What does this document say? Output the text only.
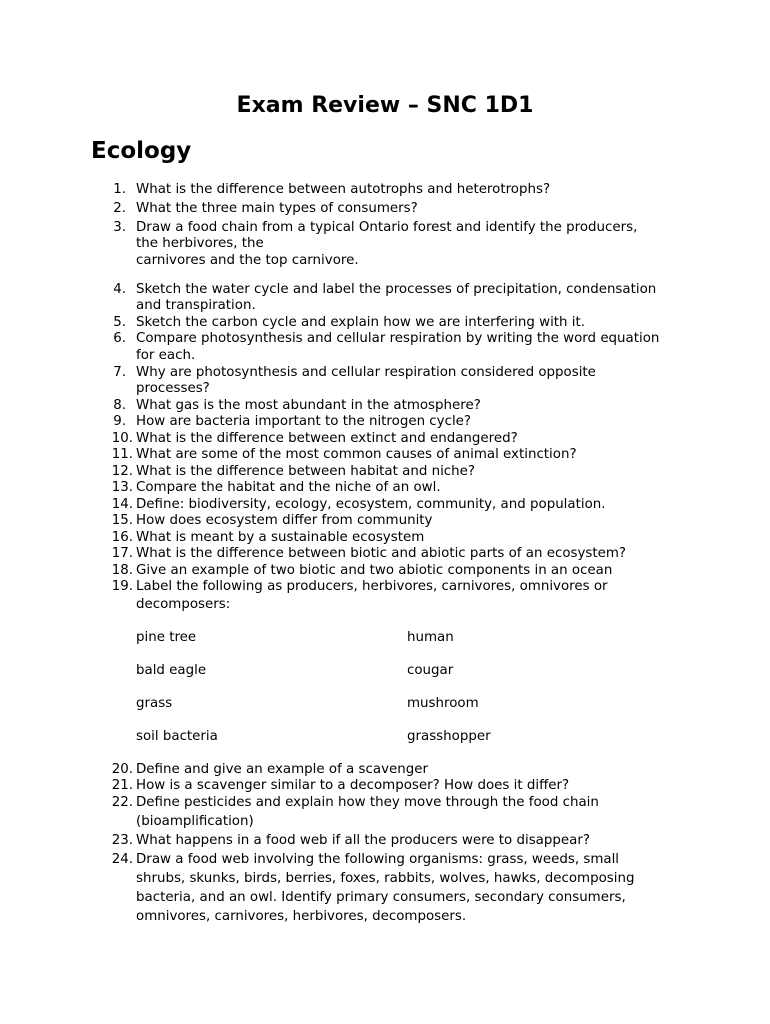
Exam Review – SNC 1D1
Ecology
1. What is the difference between autotrophs and heterotrophs?
2. What the three main types of consumers?
3. Draw a food chain from a typical Ontario forest and identify the producers,
the herbivores, the
carnivores and the top carnivore.
4. Sketch the water cycle and label the processes of precipitation, condensation
and transpiration.
5. Sketch the carbon cycle and explain how we are interfering with it.
6. Compare photosynthesis and cellular respiration by writing the word equation
for each.
7. Why are photosynthesis and cellular respiration considered opposite
processes?
8. What gas is the most abundant in the atmosphere?
9. How are bacteria important to the nitrogen cycle?
10. What is the difference between extinct and endangered?
11. What are some of the most common causes of animal extinction?
12. What is the difference between habitat and niche?
13. Compare the habitat and the niche of an owl.
14. Define: biodiversity, ecology, ecosystem, community, and population.
15. How does ecosystem differ from community
16. What is meant by a sustainable ecosystem
17. What is the difference between biotic and abiotic parts of an ecosystem?
18. Give an example of two biotic and two abiotic components in an ocean
19. Label the following as producers, herbivores, carnivores, omnivores or
decomposers:
20. Define and give an example of a scavenger
21. How is a scavenger similar to a decomposer? How does it differ?
22. Define pesticides and explain how they move through the food chain
(bioamplification)
23. What happens in a food web if all the producers were to disappear?
24. Draw a food web involving the following organisms: grass, weeds, small
shrubs, skunks, birds, berries, foxes, rabbits, wolves, hawks, decomposing
bacteria, and an owl. Identify primary consumers, secondary consumers,
omnivores, carnivores, herbivores, decomposers.
pine tree	human
bald eagle	cougar
grass	mushroom
soil bacteria	grasshopper
